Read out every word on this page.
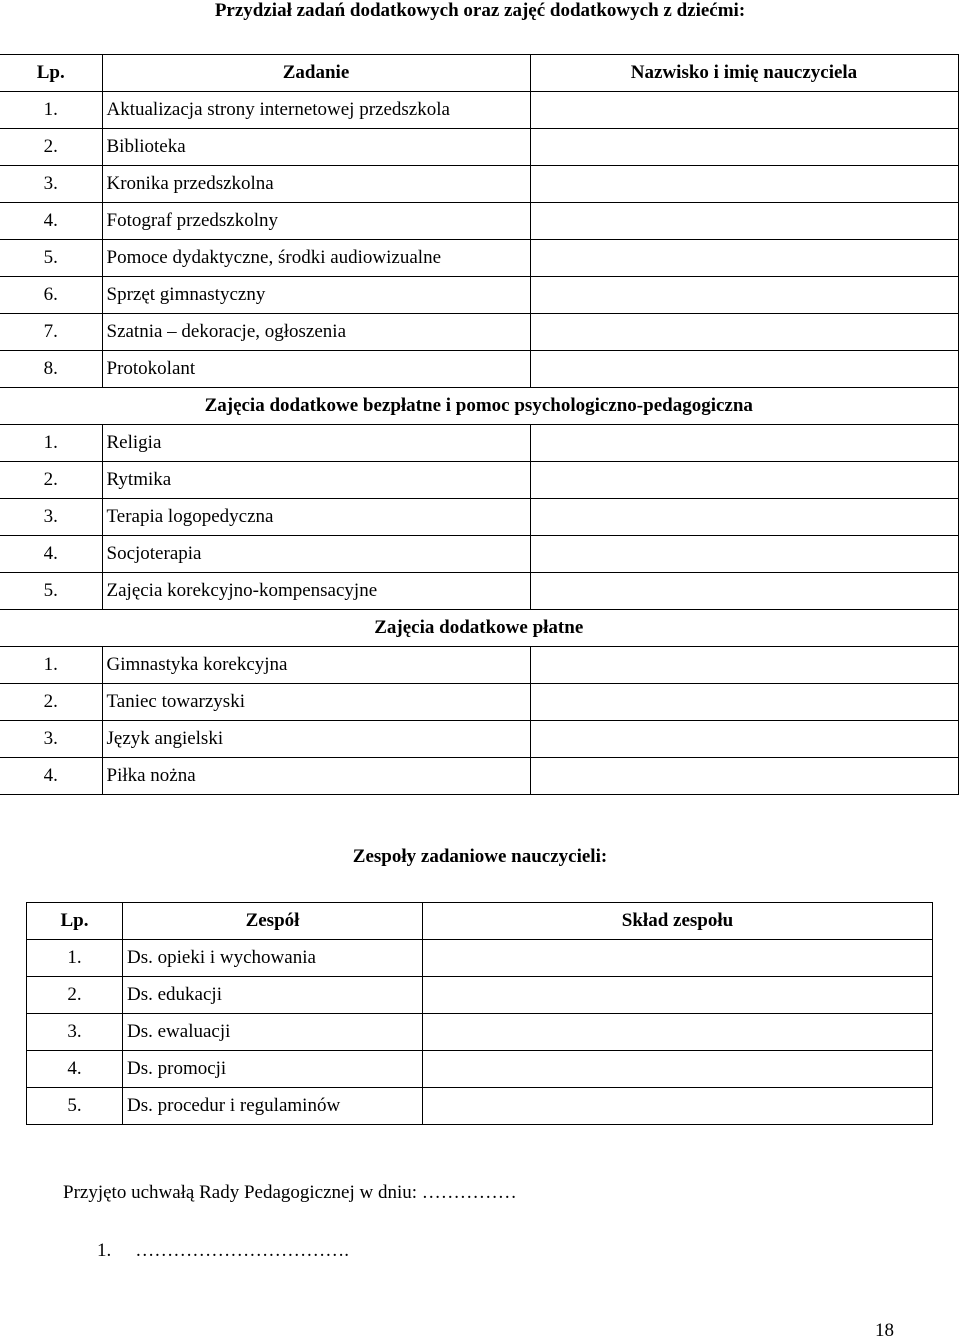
Przydział zadań dodatkowych oraz zajęć dodatkowych z dziećmi:
Lp.	Zadanie	Nazwisko i imię nauczyciela
1.	Aktualizacja strony internetowej przedszkola	
2.	Biblioteka	
3.	Kronika przedszkolna	
4.	Fotograf przedszkolny	
5.	Pomoce dydaktyczne, środki audiowizualne	
6.	Sprzęt gimnastyczny	
7.	Szatnia – dekoracje, ogłoszenia	
8.	Protokolant	
Zajęcia dodatkowe bezpłatne i pomoc psychologiczno-pedagogiczna		
1.	Religia	
2.	Rytmika	
3.	Terapia logopedyczna	
4.	Socjoterapia	
5.	Zajęcia korekcyjno-kompensacyjne	
Zajęcia dodatkowe płatne		
1.	Gimnastyka korekcyjna	
2.	Taniec towarzyski	
3.	Język angielski	
4.	Piłka nożna	
Zespoły zadaniowe nauczycieli:
Lp.	Zespół	Skład zespołu
1.	Ds. opieki i wychowania	
2.	Ds. edukacji	
3.	Ds. ewaluacji	
4.	Ds. promocji	
5.	Ds. procedur i regulaminów	
Przyjęto uchwałą Rady Pedagogicznej w dniu: ……………
1. …………………………….
18
